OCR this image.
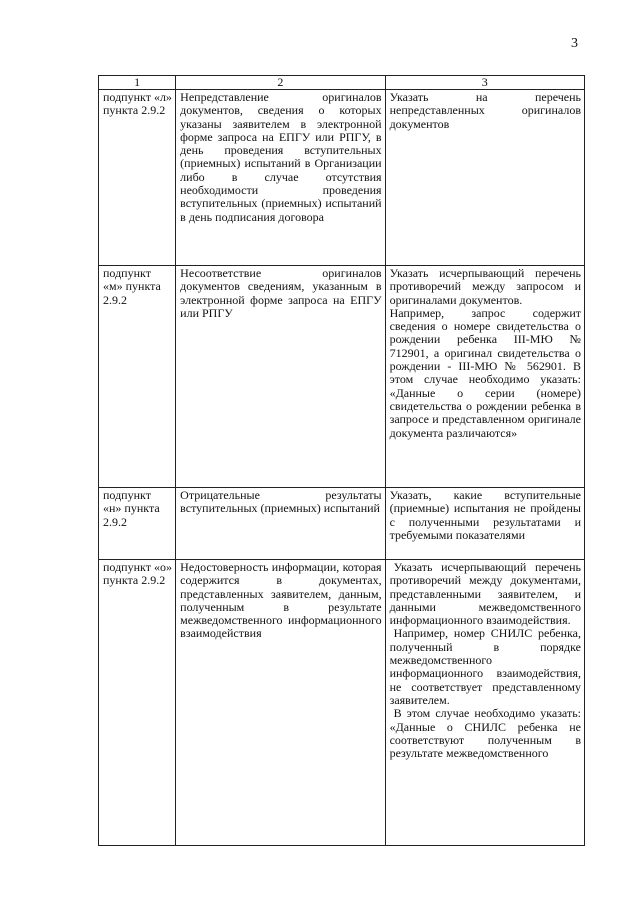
3
1	2	3
подпункт «л» пункта 2.9.2	Непредставление оригиналов документов, сведения о которых указаны заявителем в электронной форме запроса на ЕПГУ или РПГУ, в день проведения вступительных (приемных) испытаний в Организации либо в случае отсутствия необходимости проведения вступительных (приемных) испытаний в день подписания договора	Указать на перечень непредставленных оригиналов документов

подпункт «м» пункта 2.9.2	Несоответствие оригиналов документов сведениям, указанным в электронной форме запроса на ЕПГУ или РПГУ	Указать исчерпывающий перечень противоречий между запросом и оригиналами документов.

Например, запрос содержит сведения о номере свидетельства о рождении ребенка III-МЮ № 712901, а оригинал свидетельства о рождении - III-МЮ № 562901. В этом случае необходимо указать: «Данные о серии (номере) свидетельства о рождении ребенка в запросе и представленном оригинале документа различаются»

подпункт «н» пункта 2.9.2	Отрицательные результаты вступительных (приемных) испытаний	Указать, какие вступительные (приемные) испытания не пройдены с полученными результатами и требуемыми показателями

подпункт «о» пункта 2.9.2	Недостоверность информации, которая содержится в документах, представленных заявителем, данным, полученным в результате межведомственного информационного взаимодействия	Указать исчерпывающий перечень противоречий между документами, представленными заявителем, и данными межведомственного информационного взаимодействия.

Например, номер СНИЛС ребенка, полученный в порядке межведомственного информационного взаимодействия, не соответствует представленному заявителем.

В этом случае необходимо указать: «Данные о СНИЛС ребенка не соответствуют полученным в результате межведомственного
